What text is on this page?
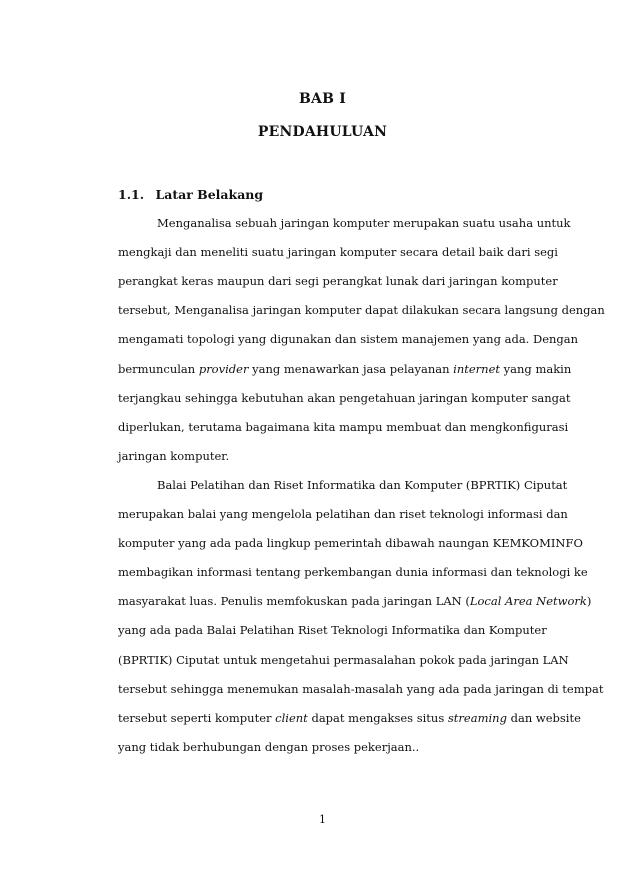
BAB I
PENDAHULUAN
1.1. Latar Belakang
Menganalisa sebuah jaringan komputer merupakan suatu usaha untuk
mengkaji dan meneliti suatu jaringan komputer secara detail baik dari segi
perangkat keras maupun dari segi perangkat lunak dari jaringan komputer
tersebut, Menganalisa jaringan komputer dapat dilakukan secara langsung dengan
mengamati topologi yang digunakan dan sistem manajemen yang ada. Dengan
bermunculan provider yang menawarkan jasa pelayanan internet yang makin
terjangkau sehingga kebutuhan akan pengetahuan jaringan komputer sangat
diperlukan, terutama bagaimana kita mampu membuat dan mengkonfigurasi
jaringan komputer.
Balai Pelatihan dan Riset Informatika dan Komputer (BPRTIK) Ciputat
merupakan balai yang mengelola pelatihan dan riset teknologi informasi dan
komputer yang ada pada lingkup pemerintah dibawah naungan KEMKOMINFO
membagikan informasi tentang perkembangan dunia informasi dan teknologi ke
masyarakat luas. Penulis memfokuskan pada jaringan LAN (Local Area Network)
yang ada pada Balai Pelatihan Riset Teknologi Informatika dan Komputer
(BPRTIK) Ciputat untuk mengetahui permasalahan pokok pada jaringan LAN
tersebut sehingga menemukan masalah-masalah yang ada pada jaringan di tempat
tersebut seperti komputer client dapat mengakses situs streaming dan website
yang tidak berhubungan dengan proses pekerjaan..
1
